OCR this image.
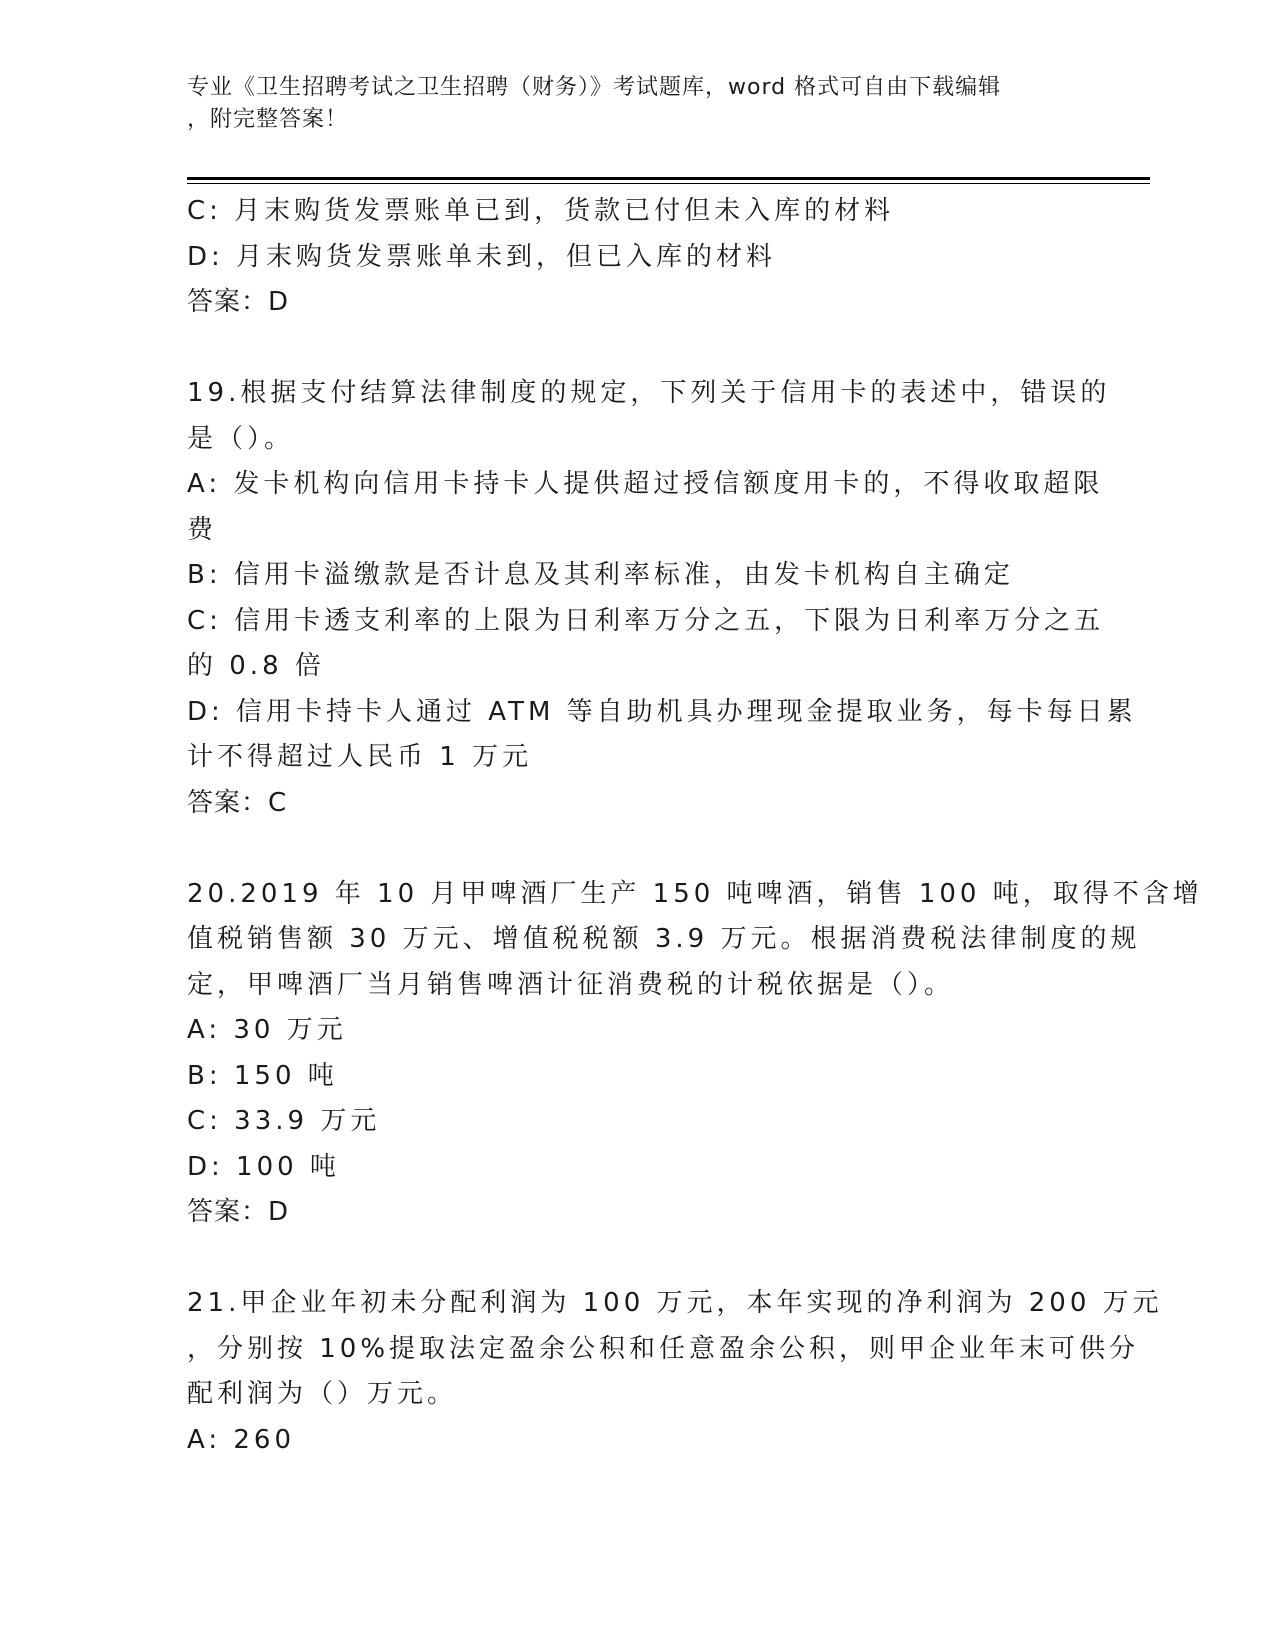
专业《卫生招聘考试之卫生招聘（财务）》考试题库，word 格式可自由下载编辑
，附完整答案！
C: 月末购货发票账单已到，货款已付但未入库的材料
D: 月末购货发票账单未到，但已入库的材料
答案：D
19.根据支付结算法律制度的规定，下列关于信用卡的表述中，错误的
是（）。
A: 发卡机构向信用卡持卡人提供超过授信额度用卡的，不得收取超限
费
B: 信用卡溢缴款是否计息及其利率标准，由发卡机构自主确定
C: 信用卡透支利率的上限为日利率万分之五，下限为日利率万分之五
的 0.8 倍
D: 信用卡持卡人通过 ATM 等自助机具办理现金提取业务，每卡每日累
计不得超过人民币 1 万元
答案：C
20.2019 年 10 月甲啤酒厂生产 150 吨啤酒，销售 100 吨，取得不含增
值税销售额 30 万元、增值税税额 3.9 万元。根据消费税法律制度的规
定，甲啤酒厂当月销售啤酒计征消费税的计税依据是（）。
A: 30 万元
B: 150 吨
C: 33.9 万元
D: 100 吨
答案：D
21.甲企业年初未分配利润为 100 万元，本年实现的净利润为 200 万元
，分别按 10%提取法定盈余公积和任意盈余公积，则甲企业年末可供分
配利润为（）万元。
A: 260
